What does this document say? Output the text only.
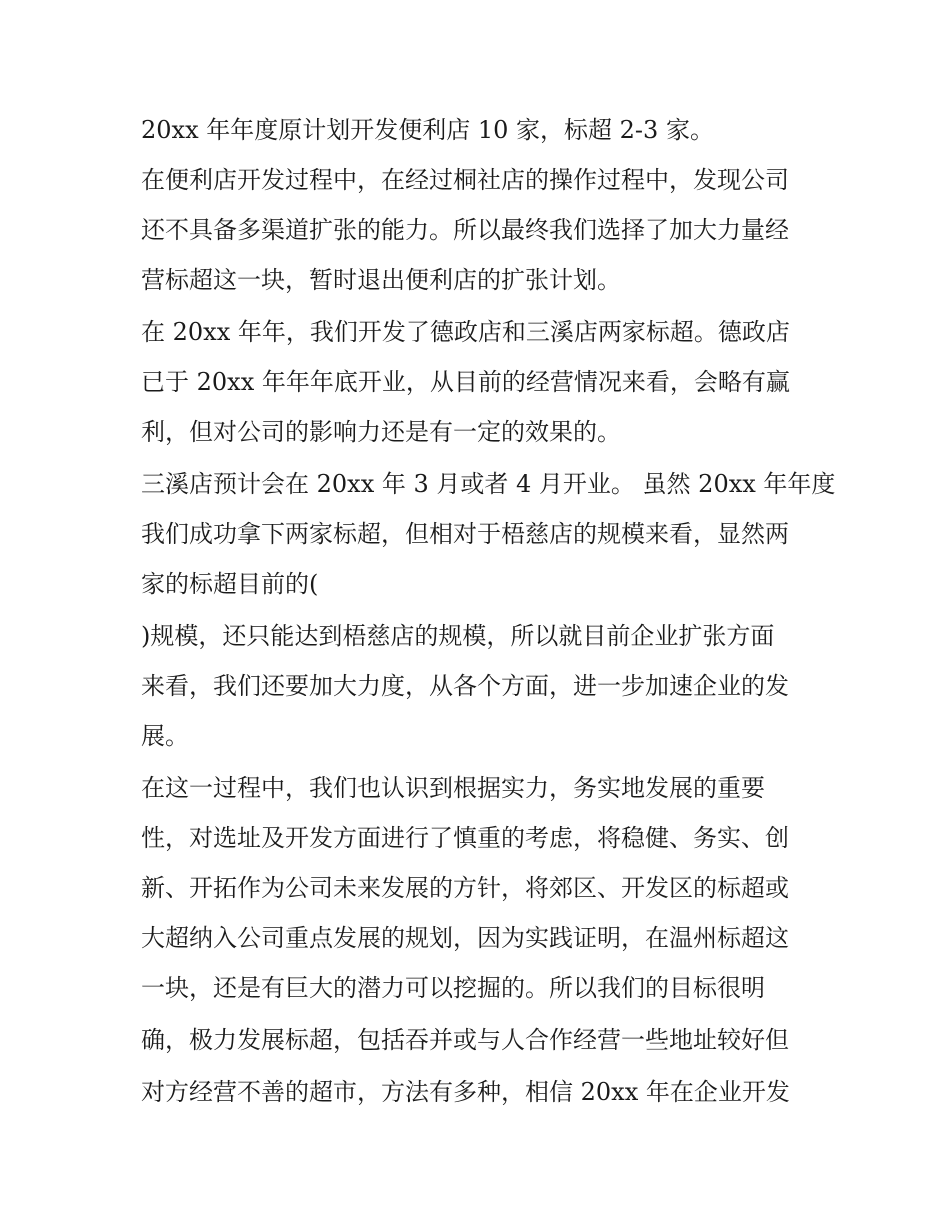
20xx 年年度原计划开发便利店 10 家，标超 2-3 家。
在便利店开发过程中，在经过桐社店的操作过程中，发现公司
还不具备多渠道扩张的能力。所以最终我们选择了加大力量经
营标超这一块，暂时退出便利店的扩张计划。
在 20xx 年年，我们开发了德政店和三溪店两家标超。德政店
已于 20xx 年年年底开业，从目前的经营情况来看，会略有赢
利，但对公司的影响力还是有一定的效果的。
三溪店预计会在 20xx 年 3 月或者 4 月开业。 虽然 20xx 年年度
我们成功拿下两家标超，但相对于梧慈店的规模来看，显然两
家的标超目前的(
)规模，还只能达到梧慈店的规模，所以就目前企业扩张方面
来看，我们还要加大力度，从各个方面，进一步加速企业的发
展。
在这一过程中，我们也认识到根据实力，务实地发展的重要
性，对选址及开发方面进行了慎重的考虑，将稳健、务实、创
新、开拓作为公司未来发展的方针，将郊区、开发区的标超或
大超纳入公司重点发展的规划，因为实践证明，在温州标超这
一块，还是有巨大的潜力可以挖掘的。所以我们的目标很明
确，极力发展标超，包括吞并或与人合作经营一些地址较好但
对方经营不善的超市，方法有多种，相信 20xx 年在企业开发
